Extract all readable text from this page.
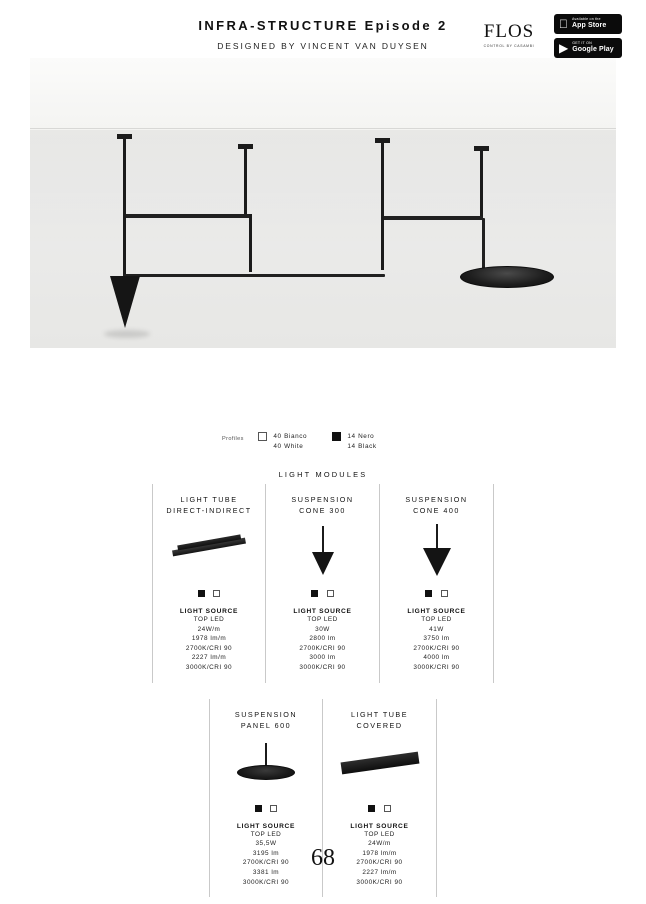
INFRA-STRUCTURE Episode 2
DESIGNED BY VINCENT VAN DUYSEN
FLOS
CONTROL BY CASAMBI
Available on the
App Store
▶ GET IT ON
Google Play
Profiles
	40 Bianco
40 White

14 Nero
14 Black
LIGHT MODULES
LIGHT TUBE
DIRECT-INDIRECT

LIGHT SOURCE
TOP LED
24W/m
1978 lm/m
2700K/CRI 90
2227 lm/m
3000K/CRI 90
SUSPENSION
CONE 300

LIGHT SOURCE
TOP LED
30W
2800 lm
2700K/CRI 90
3000 lm
3000K/CRI 90
SUSPENSION
CONE 400

LIGHT SOURCE
TOP LED
41W
3750 lm
2700K/CRI 90
4000 lm
3000K/CRI 90
SUSPENSION
PANEL 600

LIGHT SOURCE
TOP LED
35,5W
3195 lm
2700K/CRI 90
3381 lm
3000K/CRI 90
LIGHT TUBE
COVERED

LIGHT SOURCE
TOP LED
24W/m
1978 lm/m
2700K/CRI 90
2227 lm/m
3000K/CRI 90
68
